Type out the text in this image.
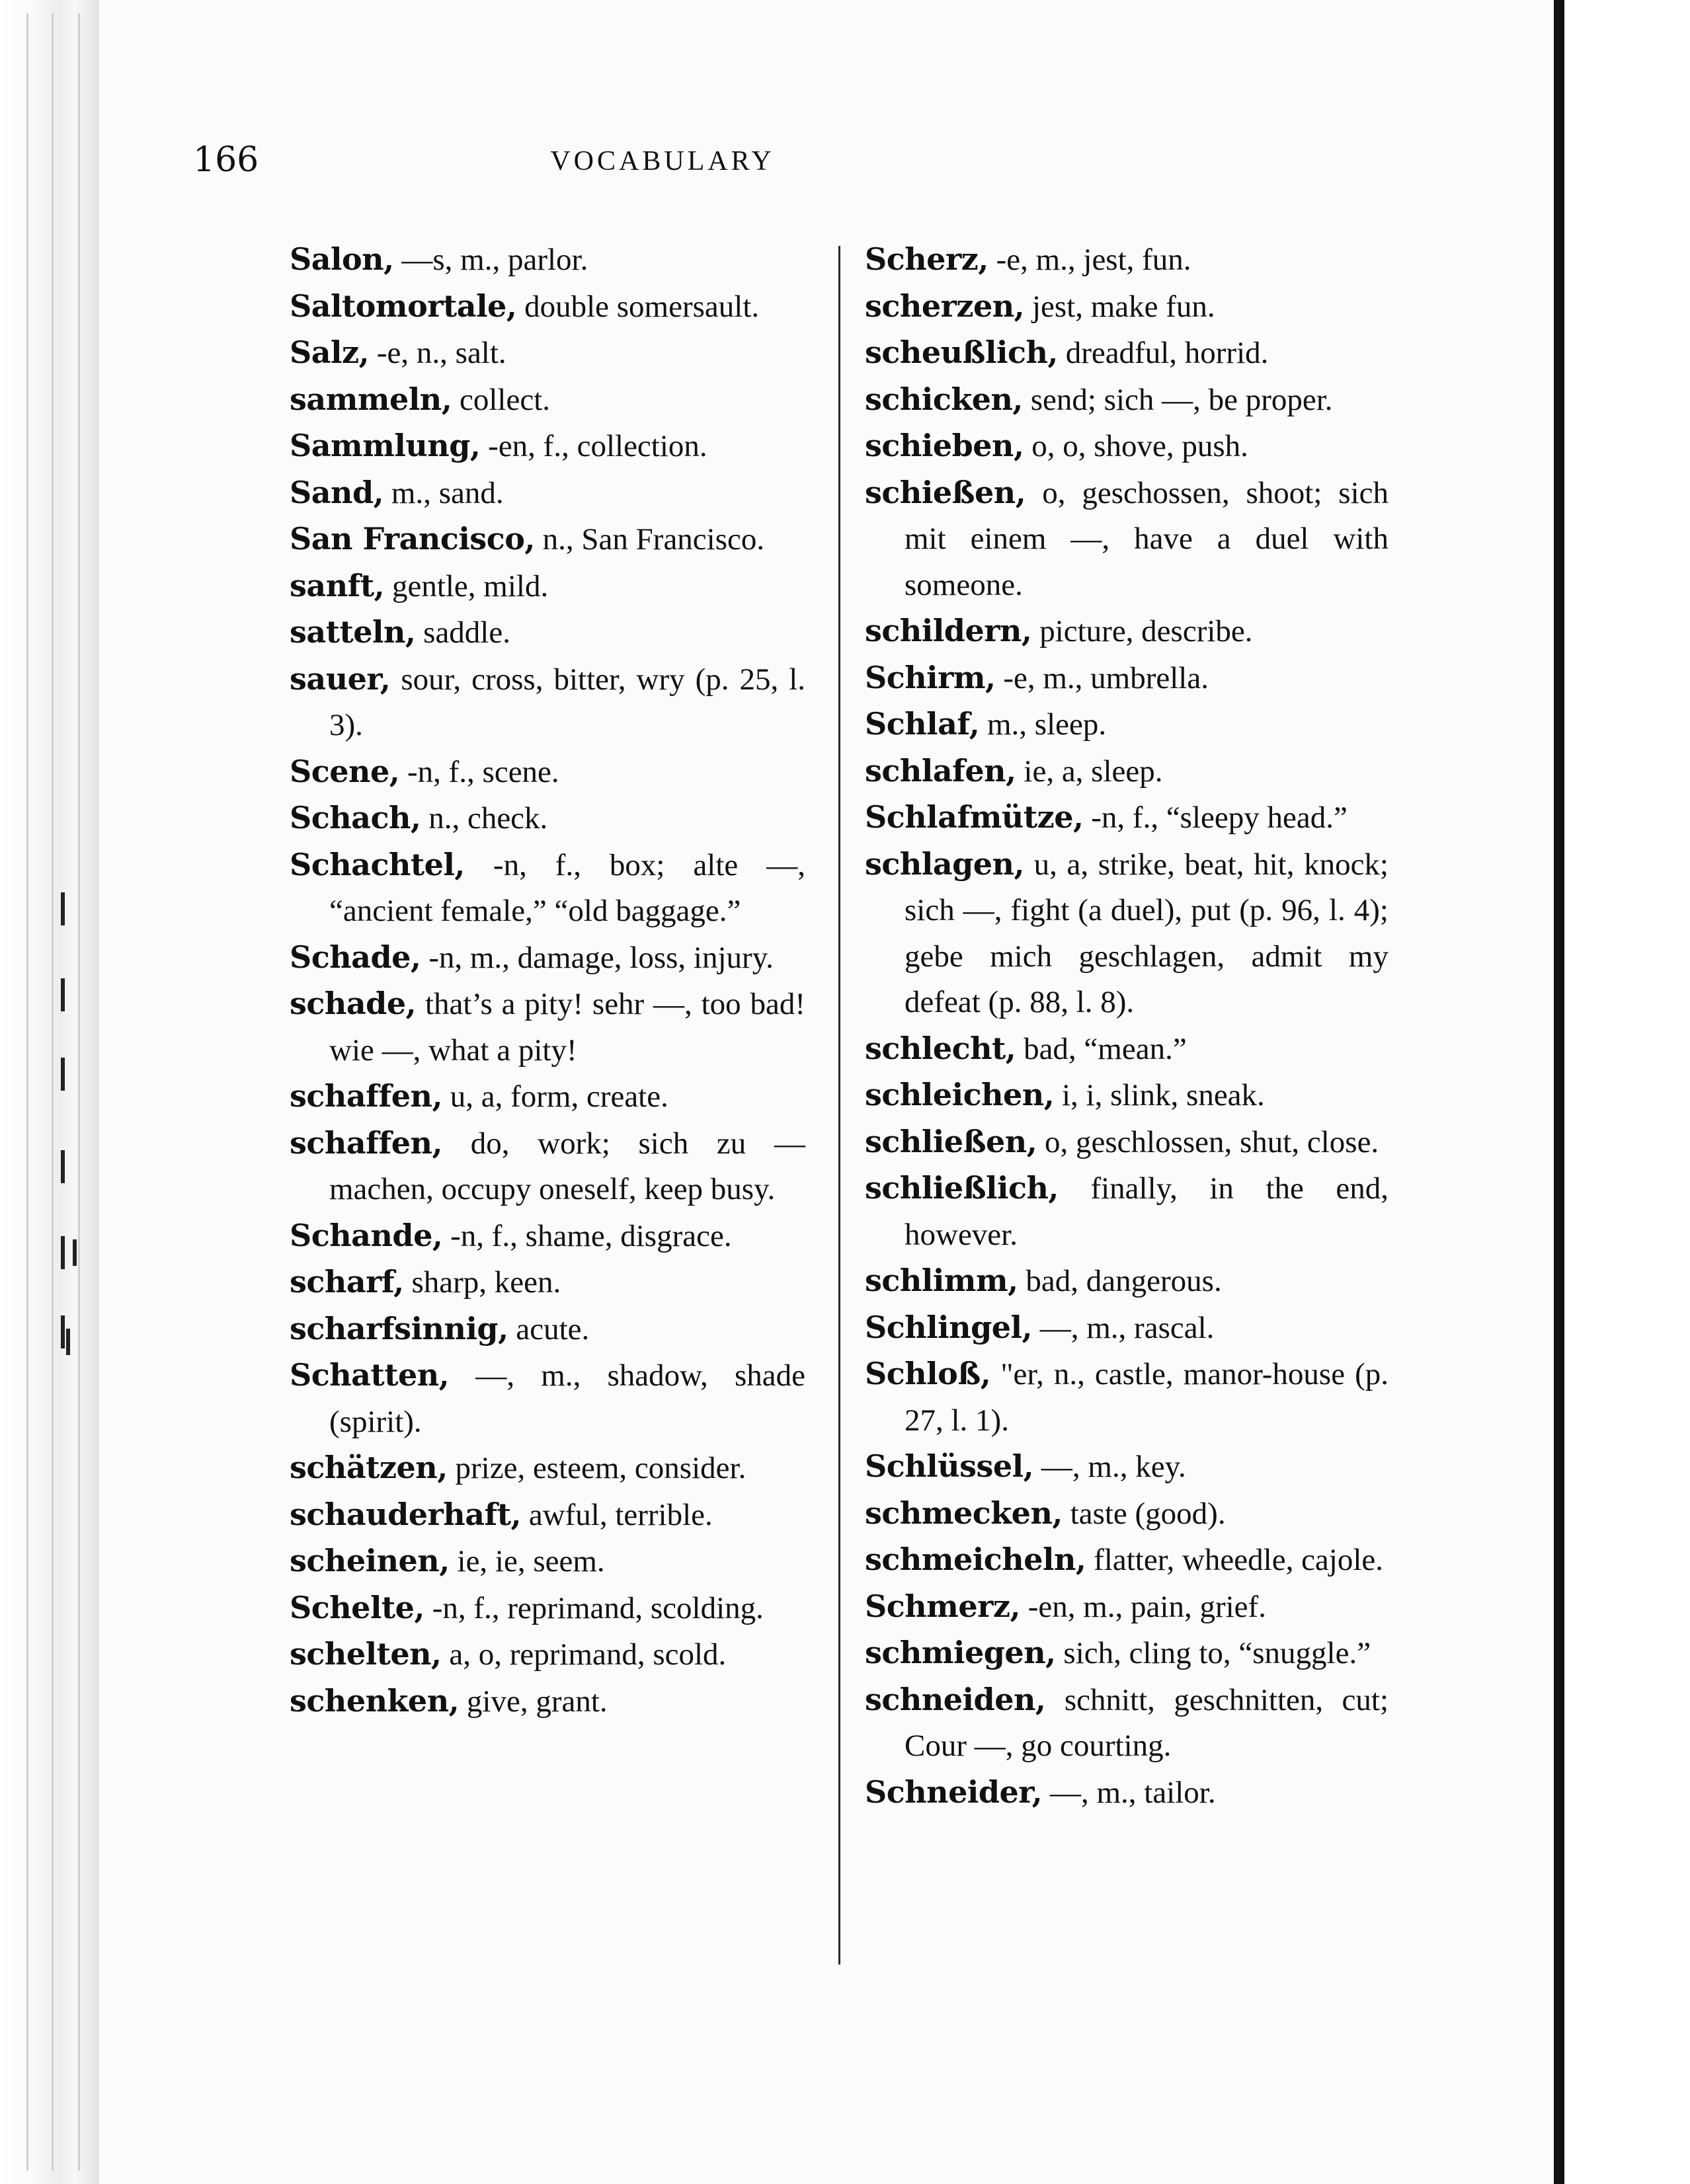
166	VOCABULARY
Salon, —s, m., parlor.
Saltomortale, double somersault.
Salz, -e, n., salt.
sammeln, collect.
Sammlung, -en, f., collection.
Sand, m., sand.
San Francisco, n., San Francisco.
sanft, gentle, mild.
satteln, saddle.
sauer, sour, cross, bitter, wry (p. 25, l. 3).
Scene, -n, f., scene.
Schach, n., check.
Schachtel, -n, f., box; alte —, “ancient female,” “old baggage.”
Schade, -n, m., damage, loss, injury.
schade, that’s a pity! sehr —, too bad! wie —, what a pity!
schaffen, u, a, form, create.
schaffen, do, work; sich zu — machen, occupy oneself, keep busy.
Schande, -n, f., shame, disgrace.
scharf, sharp, keen.
scharfsinnig, acute.
Schatten, —, m., shadow, shade (spirit).
schätzen, prize, esteem, consider.
schauderhaft, awful, terrible.
scheinen, ie, ie, seem.
Schelte, -n, f., reprimand, scolding.
schelten, a, o, reprimand, scold.
schenken, give, grant.
Scherz, -e, m., jest, fun.
scherzen, jest, make fun.
scheußlich, dreadful, horrid.
schicken, send; sich —, be proper.
schieben, o, o, shove, push.
schießen, o, geschossen, shoot; sich mit einem —, have a duel with someone.
schildern, picture, describe.
Schirm, -e, m., umbrella.
Schlaf, m., sleep.
schlafen, ie, a, sleep.
Schlafmütze, -n, f., “sleepy head.”
schlagen, u, a, strike, beat, hit, knock; sich —, fight (a duel), put (p. 96, l. 4); gebe mich geschlagen, admit my defeat (p. 88, l. 8).
schlecht, bad, “mean.”
schleichen, i, i, slink, sneak.
schließen, o, geschlossen, shut, close.
schließlich, finally, in the end, however.
schlimm, bad, dangerous.
Schlingel, —, m., rascal.
Schloß, "er, n., castle, manor-house (p. 27, l. 1).
Schlüssel, —, m., key.
schmecken, taste (good).
schmeicheln, flatter, wheedle, cajole.
Schmerz, -en, m., pain, grief.
schmiegen, sich, cling to, “snuggle.”
schneiden, schnitt, geschnitten, cut; Cour —, go courting.
Schneider, —, m., tailor.
